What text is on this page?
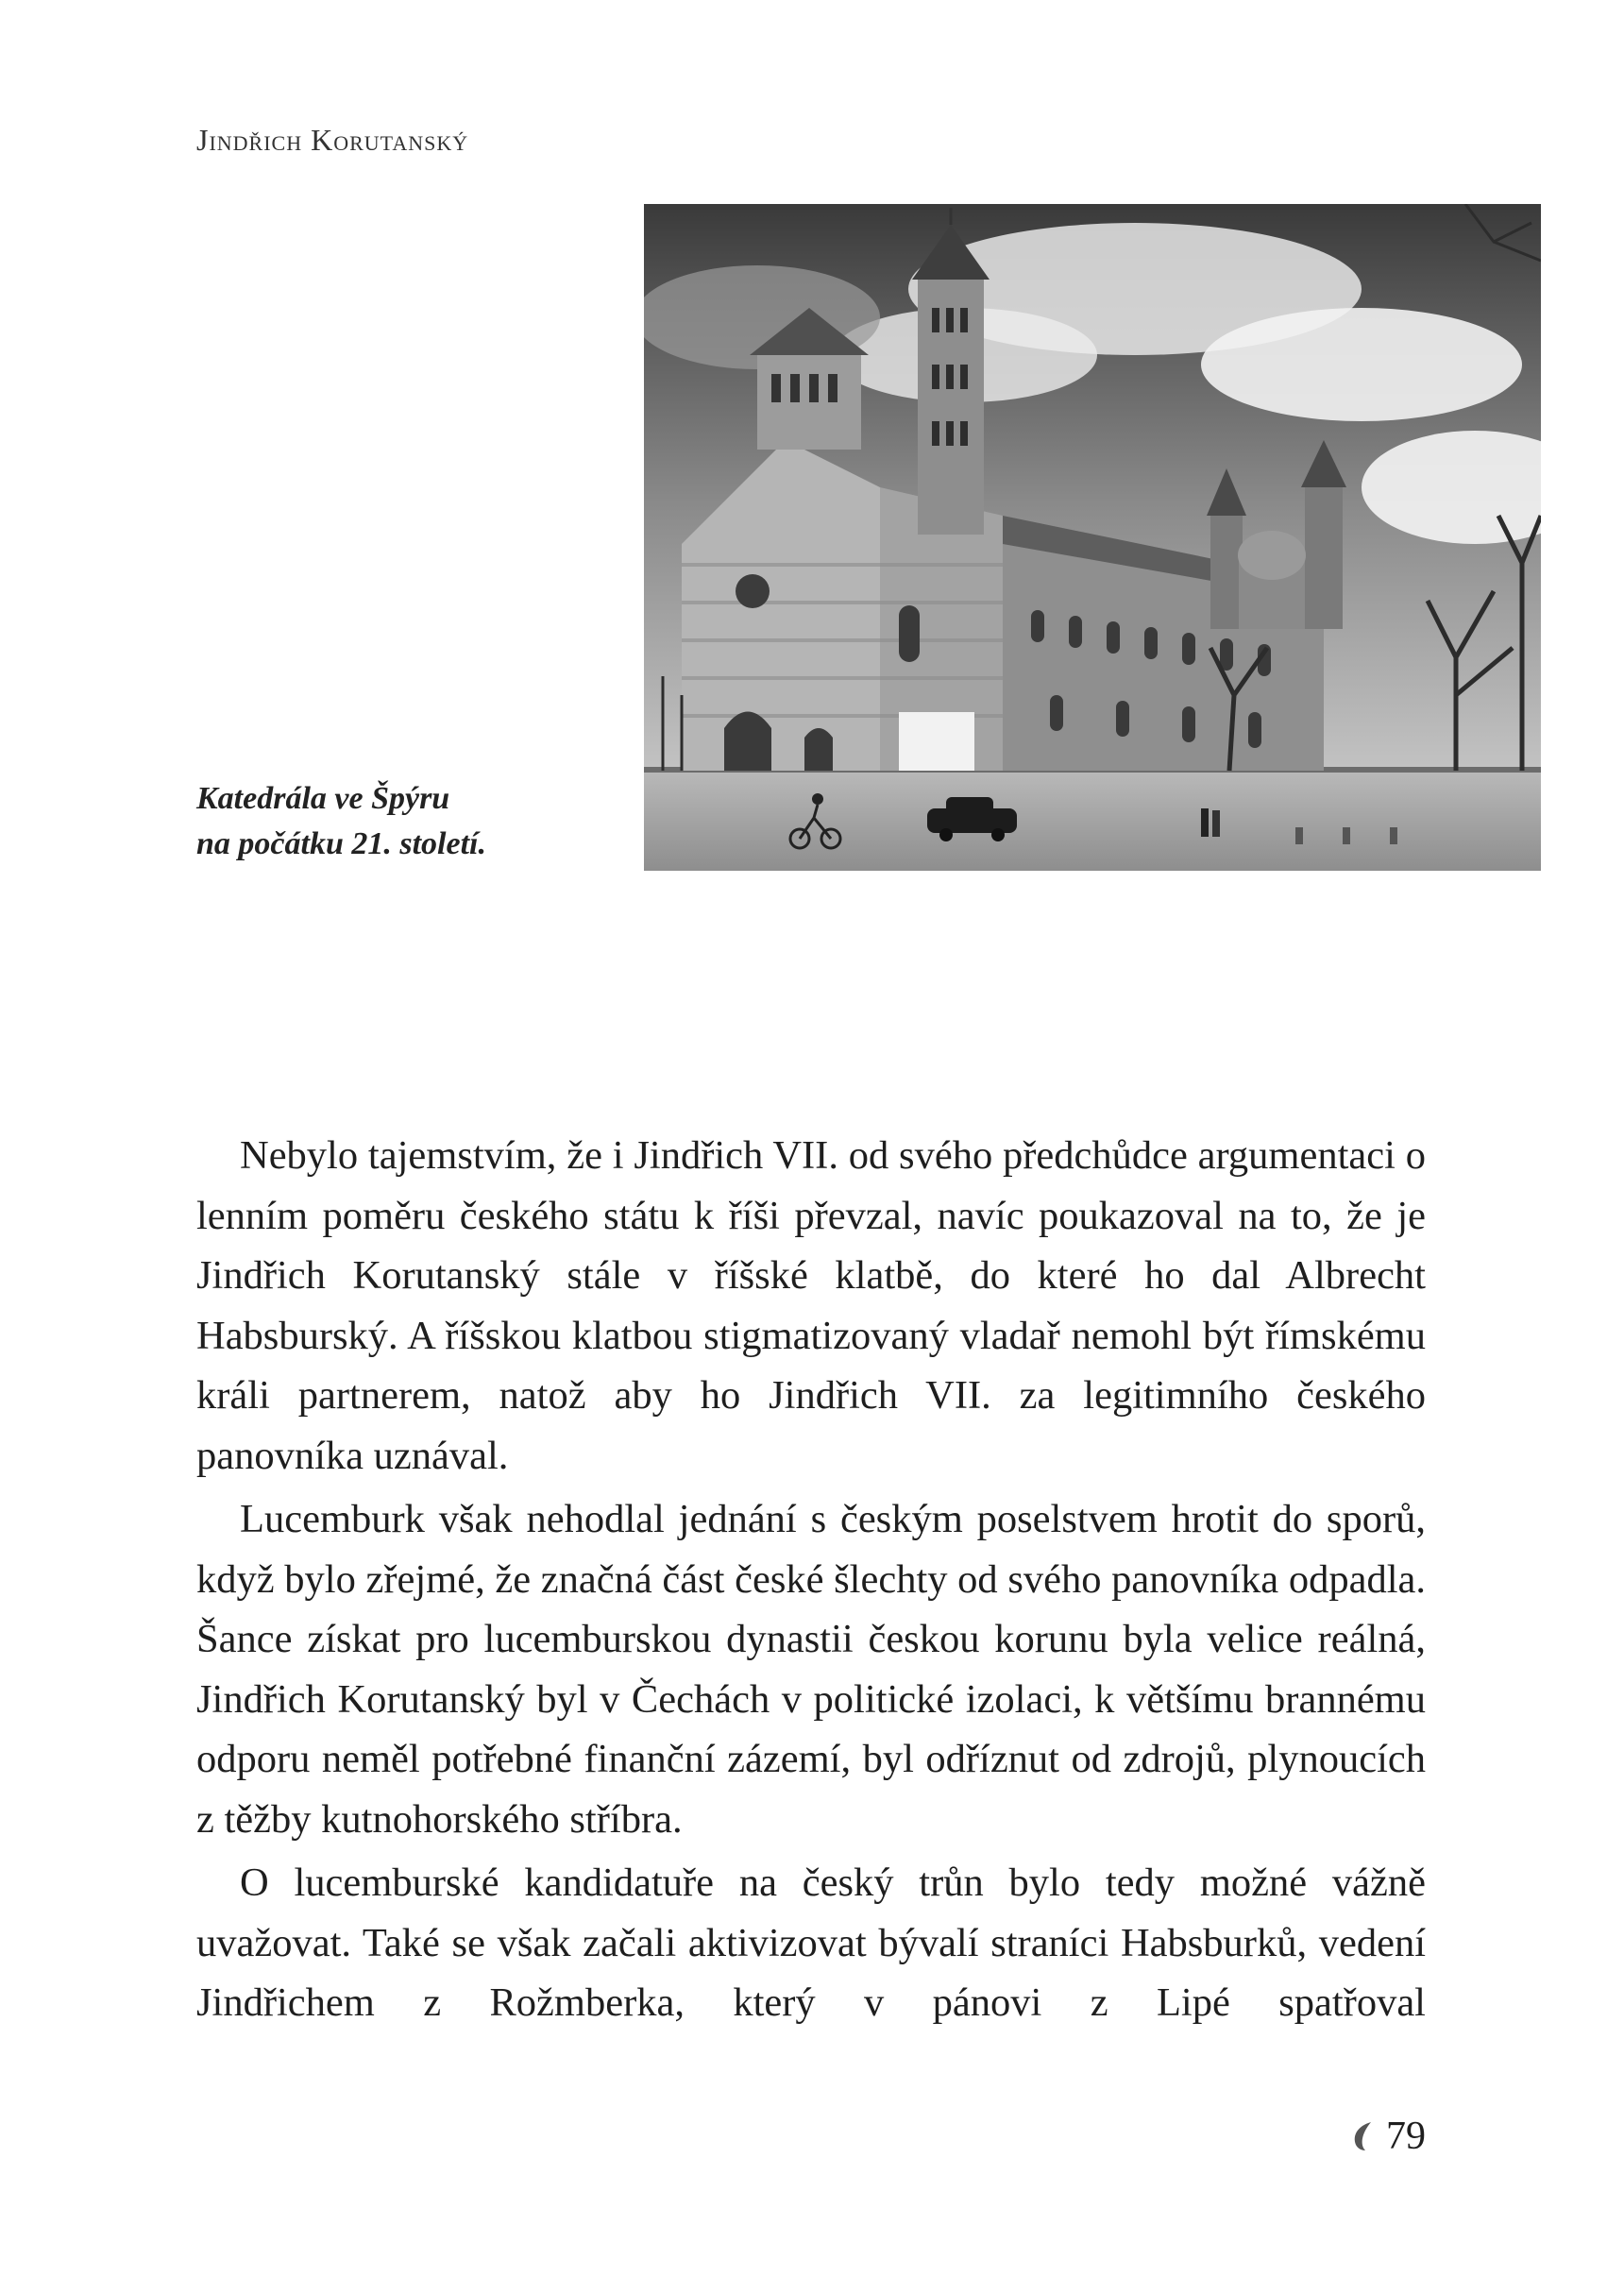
Jindřich Korutanský
Katedrála ve Špýru
na počátku 21. století.

Nebylo tajemstvím, že i Jindřich VII. od svého předchůdce argumentaci o lenním poměru českého státu k říši převzal, navíc poukazoval na to, že je Jindřich Korutanský stále v říšské klatbě, do které ho dal Albrecht Habsburský. A říšskou klatbou stigmatizovaný vladař nemohl být římskému králi partnerem, natož aby ho Jindřich VII. za legitimního českého panovníka uznával.

Lucemburk však nehodlal jednání s českým poselstvem hrotit do sporů, když bylo zřejmé, že značná část české šlechty od svého panovníka odpadla. Šance získat pro lucemburskou dynastii českou korunu byla velice reálná, Jindřich Korutanský byl v Čechách v politické izolaci, k většímu brannému odporu neměl potřebné finanční zázemí, byl odříznut od zdrojů, plynoucích z těžby kutnohorského stříbra.

O lucemburské kandidatuře na český trůn bylo tedy možné vážně uvažovat. Také se však začali aktivizovat bývalí straníci Habsburků, vedení Jindřichem z Rožmberka, který v pánovi z Lipé spatřoval

79
